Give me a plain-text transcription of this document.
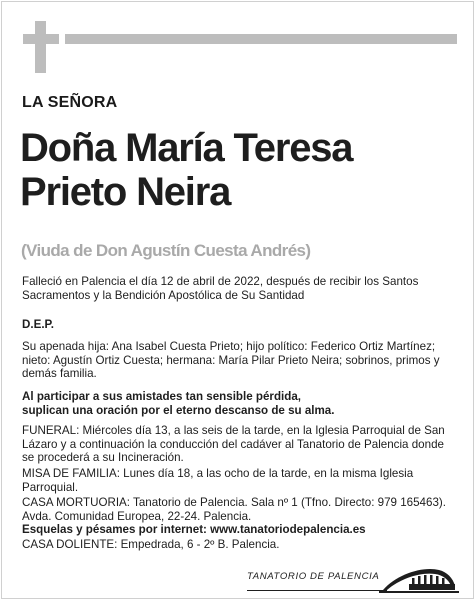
LA SEÑORA
Doña María Teresa
Prieto Neira
(Viuda de Don Agustín Cuesta Andrés)
Falleció en Palencia el día 12 de abril de 2022, después de recibir los Santos Sacramentos y la Bendición Apostólica de Su Santidad
D.E.P.
Su apenada hija: Ana Isabel Cuesta Prieto; hijo político: Federico Ortiz Martínez; nieto: Agustín Ortiz Cuesta; hermana: María Pilar Prieto Neira; sobrinos, primos y demás familia.
Al participar a sus amistades tan sensible pérdida,
suplican una oración por el eterno descanso de su alma.
FUNERAL: Miércoles día 13, a las seis de la tarde, en la Iglesia Parroquial de San Lázaro y a continuación la conducción del cadáver al Tanatorio de Palencia donde se procederá a su Incineración.
MISA DE FAMILIA: Lunes día 18, a las ocho de la tarde, en la misma Iglesia Parroquial.
CASA MORTUORIA: Tanatorio de Palencia. Sala nº 1 (Tfno. Directo: 979 165463).
Avda. Comunidad Europea, 22-24. Palencia.
Esquelas y pésames por internet: www.tanatoriodepalencia.es
CASA DOLIENTE: Empedrada, 6 - 2º B. Palencia.
TANATORIO DE PALENCIA
